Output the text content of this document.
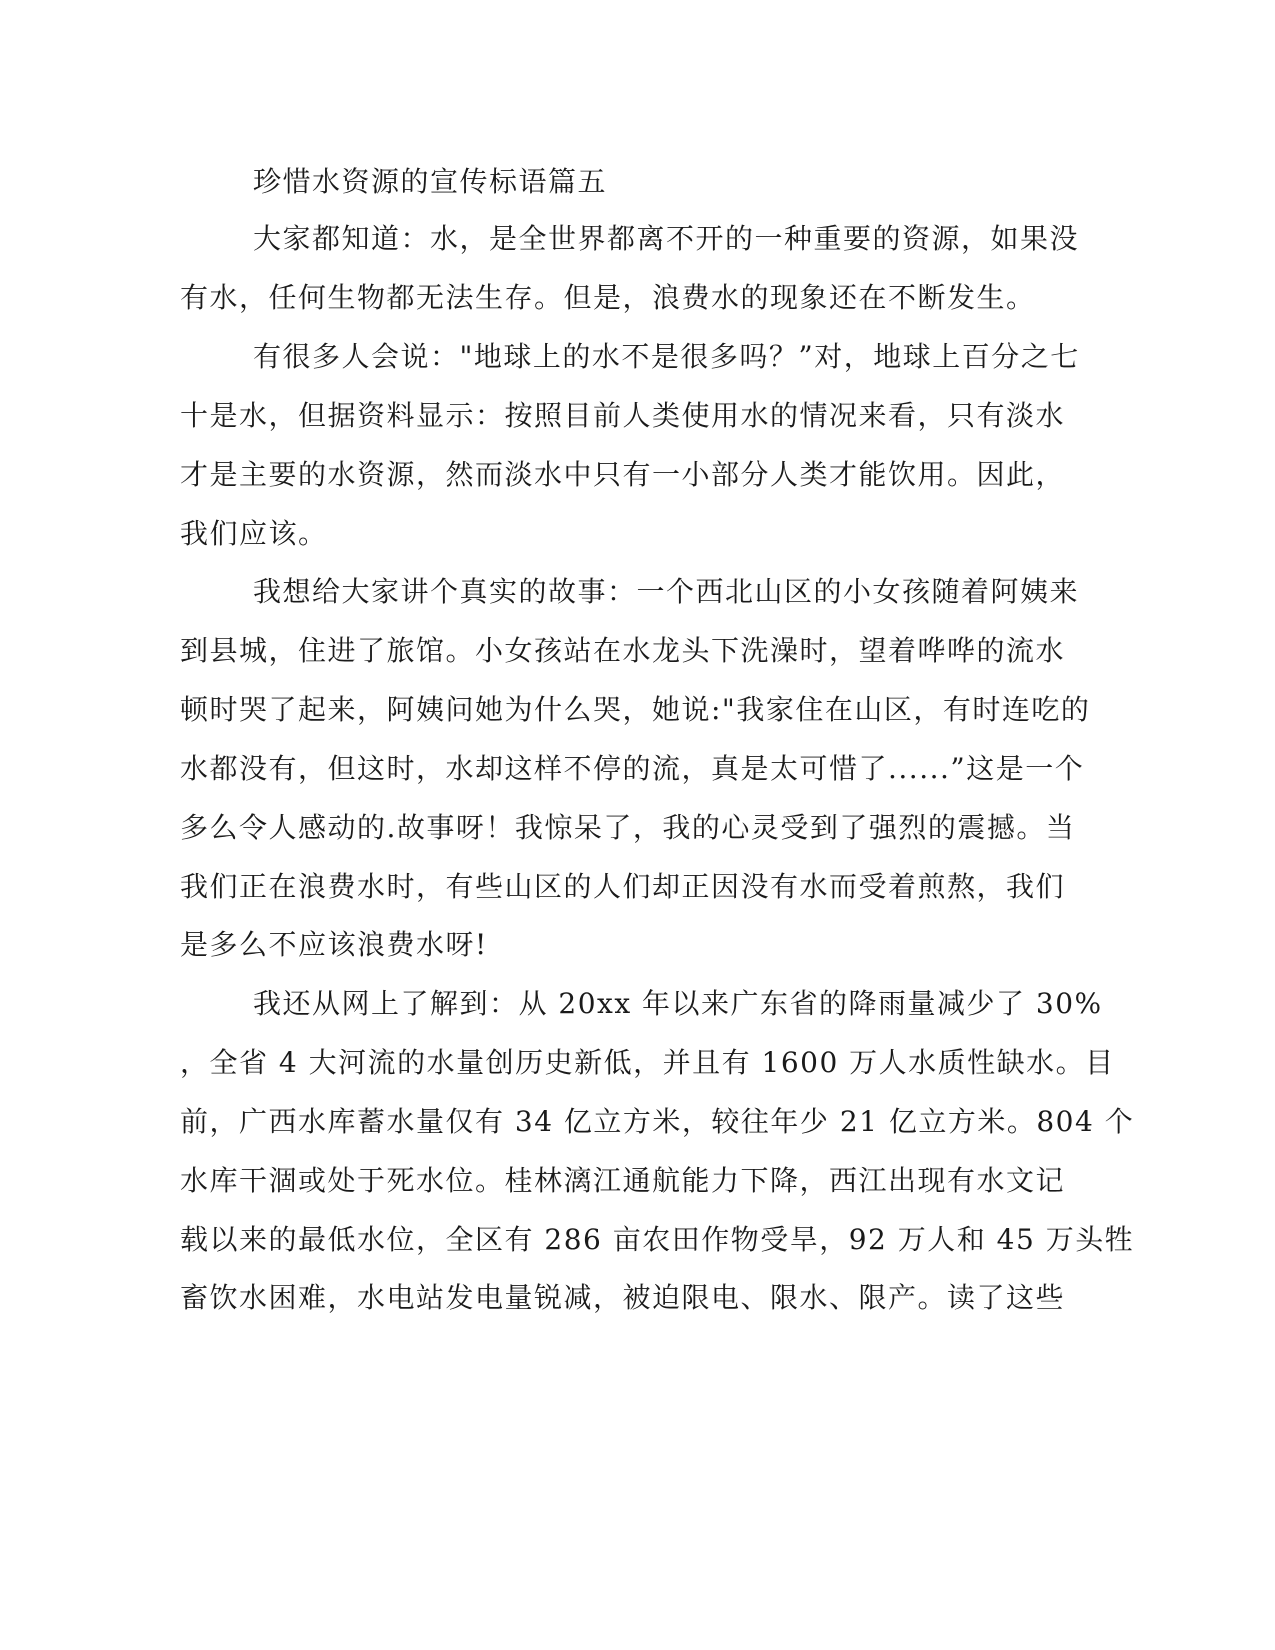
珍惜水资源的宣传标语篇五

大家都知道：水，是全世界都离不开的一种重要的资源，如果没

有水，任何生物都无法生存。但是，浪费水的现象还在不断发生。

有很多人会说："地球上的水不是很多吗？”对，地球上百分之七

十是水，但据资料显示：按照目前人类使用水的情况来看，只有淡水

才是主要的水资源，然而淡水中只有一小部分人类才能饮用。因此，

我们应该。

我想给大家讲个真实的故事：一个西北山区的小女孩随着阿姨来

到县城，住进了旅馆。小女孩站在水龙头下洗澡时，望着哗哗的流水

顿时哭了起来，阿姨问她为什么哭，她说:"我家住在山区，有时连吃的

水都没有，但这时，水却这样不停的流，真是太可惜了......”这是一个

多么令人感动的.故事呀！我惊呆了，我的心灵受到了强烈的震撼。当

我们正在浪费水时，有些山区的人们却正因没有水而受着煎熬，我们

是多么不应该浪费水呀!

我还从网上了解到：从 20xx 年以来广东省的降雨量减少了 30%

，全省 4 大河流的水量创历史新低，并且有 1600 万人水质性缺水。目

前，广西水库蓄水量仅有 34 亿立方米，较往年少 21 亿立方米。804 个

水库干涸或处于死水位。桂林漓江通航能力下降，西江出现有水文记

载以来的最低水位，全区有 286 亩农田作物受旱，92 万人和 45 万头牲

畜饮水困难，水电站发电量锐减，被迫限电、限水、限产。读了这些
